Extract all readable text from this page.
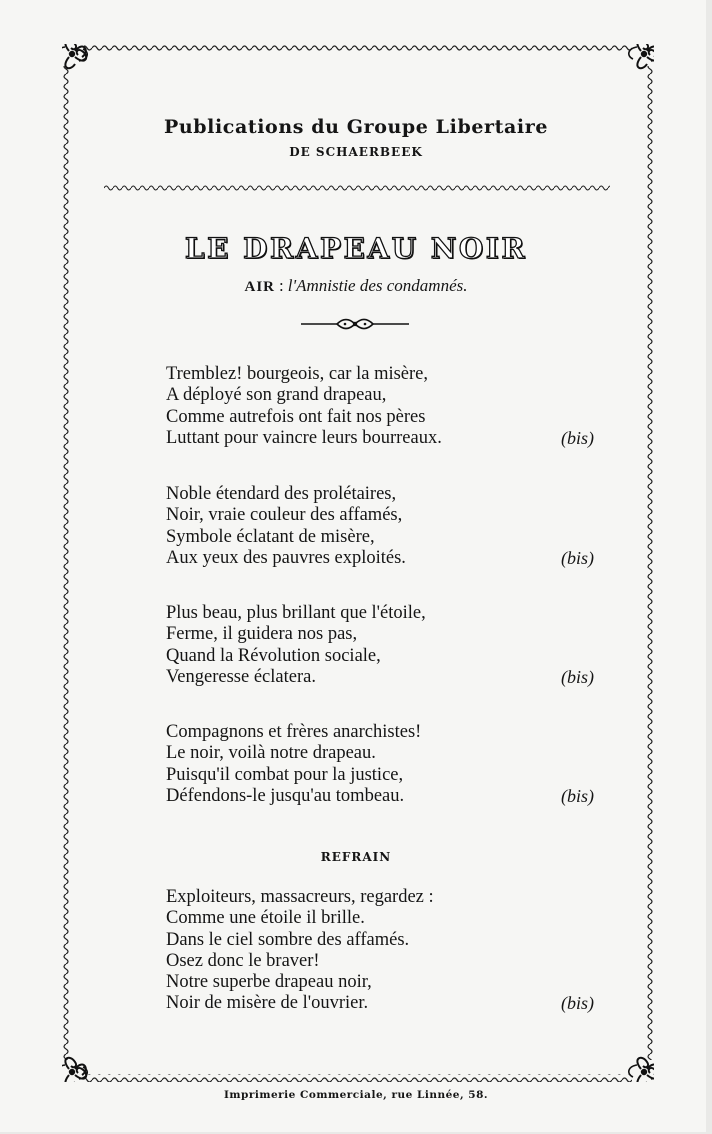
Publications du Groupe Libertaire
DE SCHAERBEEK
LE DRAPEAU NOIR
AIR : l'Amnistie des condamnés.
Tremblez! bourgeois, car la misère,
A déployé son grand drapeau,
Comme autrefois ont fait nos pères
Luttant pour vaincre leurs bourreaux.	(bis)
Noble étendard des prolétaires,
Noir, vraie couleur des affamés,
Symbole éclatant de misère,
Aux yeux des pauvres exploités.	(bis)
Plus beau, plus brillant que l'étoile,
Ferme, il guidera nos pas,
Quand la Révolution sociale,
Vengeresse éclatera.	(bis)
Compagnons et frères anarchistes!
Le noir, voilà notre drapeau.
Puisqu'il combat pour la justice,
Défendons-le jusqu'au tombeau.	(bis)
REFRAIN
Exploiteurs, massacreurs, regardez :
Comme une étoile il brille.
Dans le ciel sombre des affamés.
Osez donc le braver!
Notre superbe drapeau noir,
Noir de misère de l'ouvrier.	(bis)
Imprimerie Commerciale, rue Linnée, 58.
